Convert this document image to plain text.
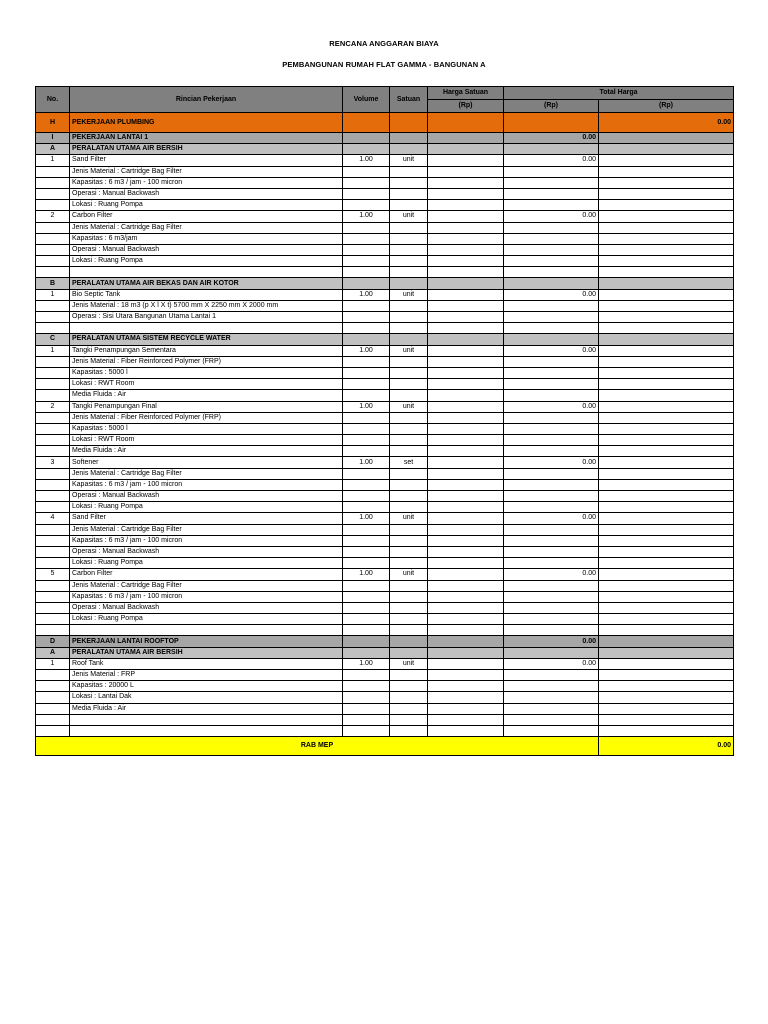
RENCANA ANGGARAN BIAYA
PEMBANGUNAN RUMAH FLAT GAMMA - BANGUNAN A
No.	Rincian Pekerjaan	Volume	Satuan	Harga Satuan	Total Harga	
				(Rp)	(Rp)	(Rp)
H	PEKERJAAN PLUMBING					0.00
I	PEKERJAAN LANTAI 1				0.00	
A	PERALATAN UTAMA AIR BERSIH					
1	Sand Filter	1.00	unit		0.00	
	Jenis Material : Cartridge Bag Filter					
	Kapasitas : 6 m3 / jam - 100 micron					
	Operasi : Manual Backwash					
	Lokasi : Ruang Pompa					
2	Carbon Filter	1.00	unit		0.00	
	Jenis Material : Cartridge Bag Filter					
	Kapasitas : 6 m3/jam					
	Operasi : Manual Backwash					
	Lokasi : Ruang Pompa					

B	PERALATAN UTAMA AIR BEKAS DAN AIR KOTOR					
1	Bio Septic Tank	1.00	unit		0.00	
	Jenis Material : 18 m3 (p X l X t) 5700 mm X 2250 mm X 2000 mm					
	Operasi : Sisi Utara Bangunan Utama Lantai 1					

C	PERALATAN UTAMA SISTEM RECYCLE WATER					
1	Tangki Penampungan Sementara	1.00	unit		0.00	
	Jenis Material : Fiber Reinforced Polymer (FRP)					
	Kapasitas : 5000 l					
	Lokasi : RWT Room					
	Media Fluida : Air					
2	Tangki Penampungan Final	1.00	unit		0.00	
	Jenis Material : Fiber Reinforced Polymer (FRP)					
	Kapasitas : 5000 l					
	Lokasi : RWT Room					
	Media Fluida : Air					
3	Softener	1.00	set		0.00	
	Jenis Material : Cartridge Bag Filter					
	Kapasitas : 6 m3 / jam - 100 micron					
	Operasi : Manual Backwash					
	Lokasi : Ruang Pompa					
4	Sand Filter	1.00	unit		0.00	
	Jenis Material : Cartridge Bag Filter					
	Kapasitas : 6 m3 / jam - 100 micron					
	Operasi : Manual Backwash					
	Lokasi : Ruang Pompa					
5	Carbon Filter	1.00	unit		0.00	
	Jenis Material : Cartridge Bag Filter					
	Kapasitas : 6 m3 / jam - 100 micron					
	Operasi : Manual Backwash					
	Lokasi : Ruang Pompa					

D	PEKERJAAN LANTAI ROOFTOP				0.00	
A	PERALATAN UTAMA AIR BERSIH					
1	Roof Tank	1.00	unit		0.00	
	Jenis Material : FRP					
	Kapasitas : 20000 L					
	Lokasi : Lantai Dak					
	Media Fluida : Air					

RAB MEP						0.00
